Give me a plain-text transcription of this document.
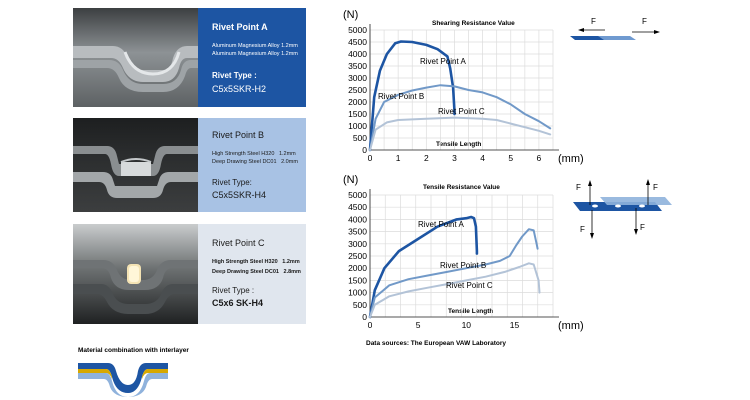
Rivet Point A
Aluminum Magnesium Alloy 1.2mm
Aluminum Magnesium Alloy 1.2mm
Rivet Type :
C5x5SKR-H2
Rivet Point B
High Strength Steel H320   1.2mm
Deep Drawing Steel DC01   2.0mm
Rivet Type:
C5x5SKR-H4
Rivet Point C
High Strength Steel H320   1.2mm
Deep Drawing Steel DC01   2.8mm
Rivet Type :
C5x6 SK-H4
Material combination with interlayer
(N)
Shearing Resistance Value
(mm)
Tensile Length
0
500
1000
1500
2000
2500
3000
3500
4000
4500
5000
0	1	2	3	4	5	6
Rivet Point A
Rivet Point B
Rivet Point C
(N)
Tensile Resistance Value
(mm)
Tensile Length
0
500
1000
1500
2000
2500
3000
3500
4000
4500
5000
0	5	10	15
Rivet Point A
Rivet Point B
Rivet Point C
F	F
F	F
F	F
Data sources: The European VAW Laboratory
